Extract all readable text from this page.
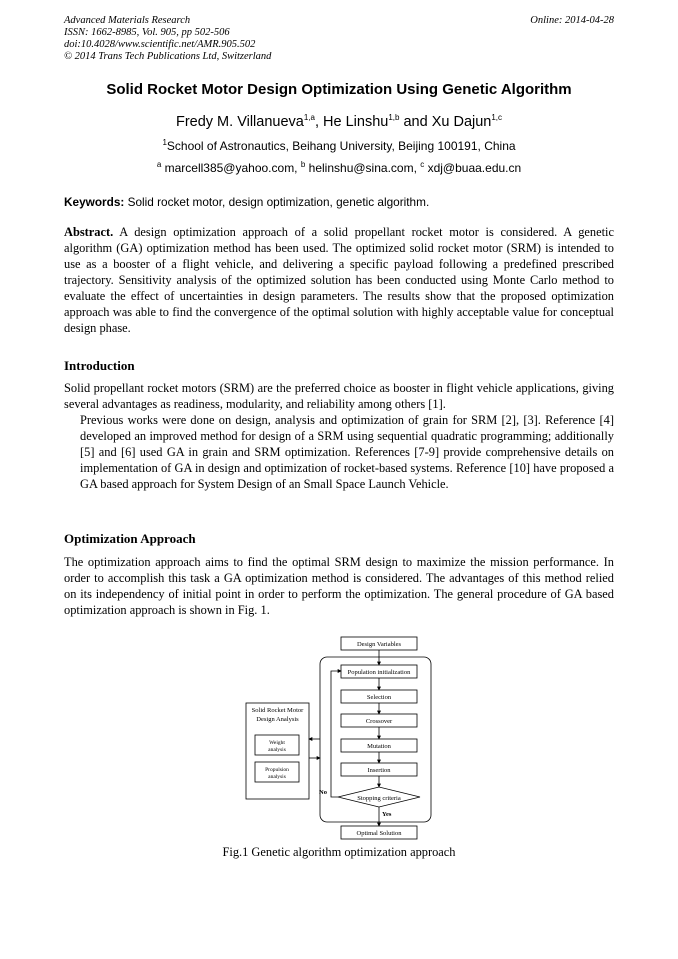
Advanced Materials Research
ISSN: 1662-8985, Vol. 905, pp 502-506
doi:10.4028/www.scientific.net/AMR.905.502
© 2014 Trans Tech Publications Ltd, Switzerland
Online: 2014-04-28
Solid Rocket Motor Design Optimization Using Genetic Algorithm
Fredy M. Villanueva$^{1,a}$, He Linshu$^{1,b}$ and Xu Dajun$^{1,c}$
$^1$School of Astronautics, Beihang University, Beijing 100191, China
$^a$ marcell385@yahoo.com, $^b$ helinshu@sina.com, $^c$ xdj@buaa.edu.cn
Keywords: Solid rocket motor, design optimization, genetic algorithm.

Abstract. A design optimization approach of a solid propellant rocket motor is considered. A genetic algorithm (GA) optimization method has been used. The optimized solid rocket motor (SRM) is intended to use as a booster of a flight vehicle, and delivering a specific payload following a predefined prescribed trajectory. Sensitivity analysis of the optimized solution has been conducted using Monte Carlo method to evaluate the effect of uncertainties in design parameters. The results show that the proposed optimization approach was able to find the convergence of the optimal solution with highly acceptable value for conceptual design phase.

Introduction

Solid propellant rocket motors (SRM) are the preferred choice as booster in flight vehicle applications, giving several advantages as readiness, modularity, and reliability among others [1].
Previous works were done on design, analysis and optimization of grain for SRM [2], [3]. Reference [4] developed an improved method for design of a SRM using sequential quadratic programming; additionally [5] and [6] used GA in grain and SRM optimization. References [7-9] provide comprehensive details on implementation of GA in design and optimization of rocket-based systems. Reference [10] have proposed a GA based approach for System Design of an Small Space Launch Vehicle.

Optimization Approach

The optimization approach aims to find the optimal SRM design to maximize the mission performance. In order to accomplish this task a GA optimization method is considered. The advantages of this method relied on its independency of initial point in order to perform the optimization. The general procedure of GA based optimization approach is shown in Fig. 1.

Design Variables
Population initialization
Selection
Crossover
Mutation
Insertion
Stopping criteria
Optimal Solution
Solid Rocket Motor
Design Analysis
Weight
analysis
Propulsion
analysis
No
Yes
Fig.1 Genetic algorithm optimization approach
